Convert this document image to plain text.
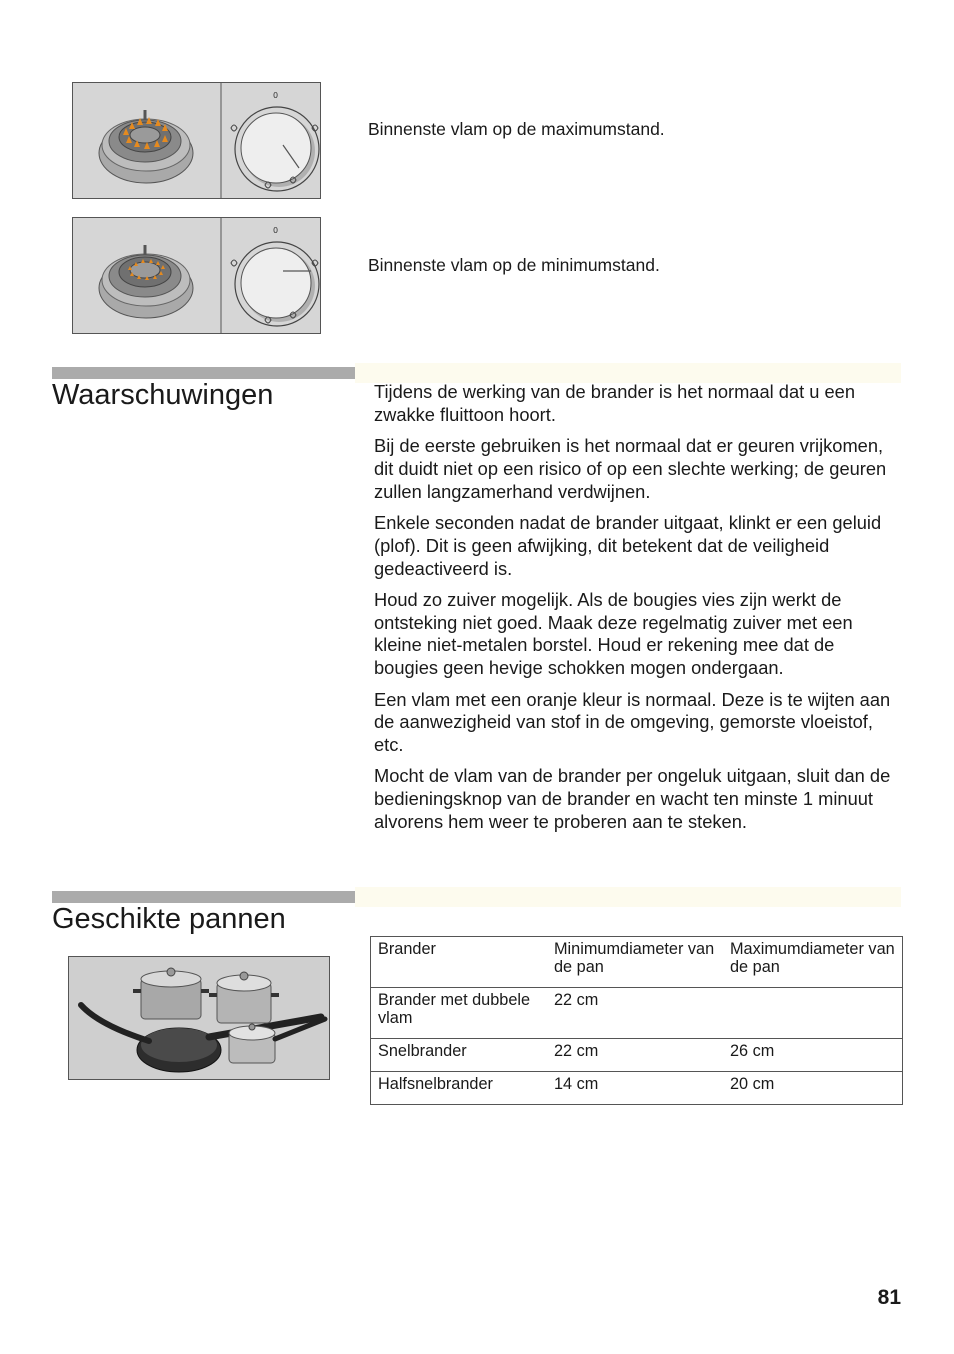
0
Binnenste vlam op de maximumstand.
0
Binnenste vlam op de minimumstand.
Waarschuwingen	Tijdens de werking van de brander is het normaal dat u een zwakke fluittoon hoort.

Bij de eerste gebruiken is het normaal dat er geuren vrijkomen, dit duidt niet op een risico of op een slechte werking; de geuren zullen langzamerhand verdwijnen.

Enkele seconden nadat de brander uitgaat, klinkt er een geluid (plof). Dit is geen afwijking, dit betekent dat de veiligheid gedeactiveerd is.

Houd zo zuiver mogelijk. Als de bougies vies zijn werkt de ontsteking niet goed. Maak deze regelmatig zuiver met een kleine niet-metalen borstel. Houd er rekening mee dat de bougies geen hevige schokken mogen ondergaan.

Een vlam met een oranje kleur is normaal. Deze is te wijten aan de aanwezigheid van stof in de omgeving, gemorste vloeistof, etc.

Mocht de vlam van de brander per ongeluk uitgaan, sluit dan de bedieningsknop van de brander en wacht ten minste 1 minuut alvorens hem weer te proberen aan te steken.

Geschikte pannen
Brander	Minimumdiameter van de pan	Maximumdiameter van de pan
Brander met dubbele vlam	22 cm	
Snelbrander	22 cm	26 cm
Halfsnelbrander	14 cm	20 cm
81
